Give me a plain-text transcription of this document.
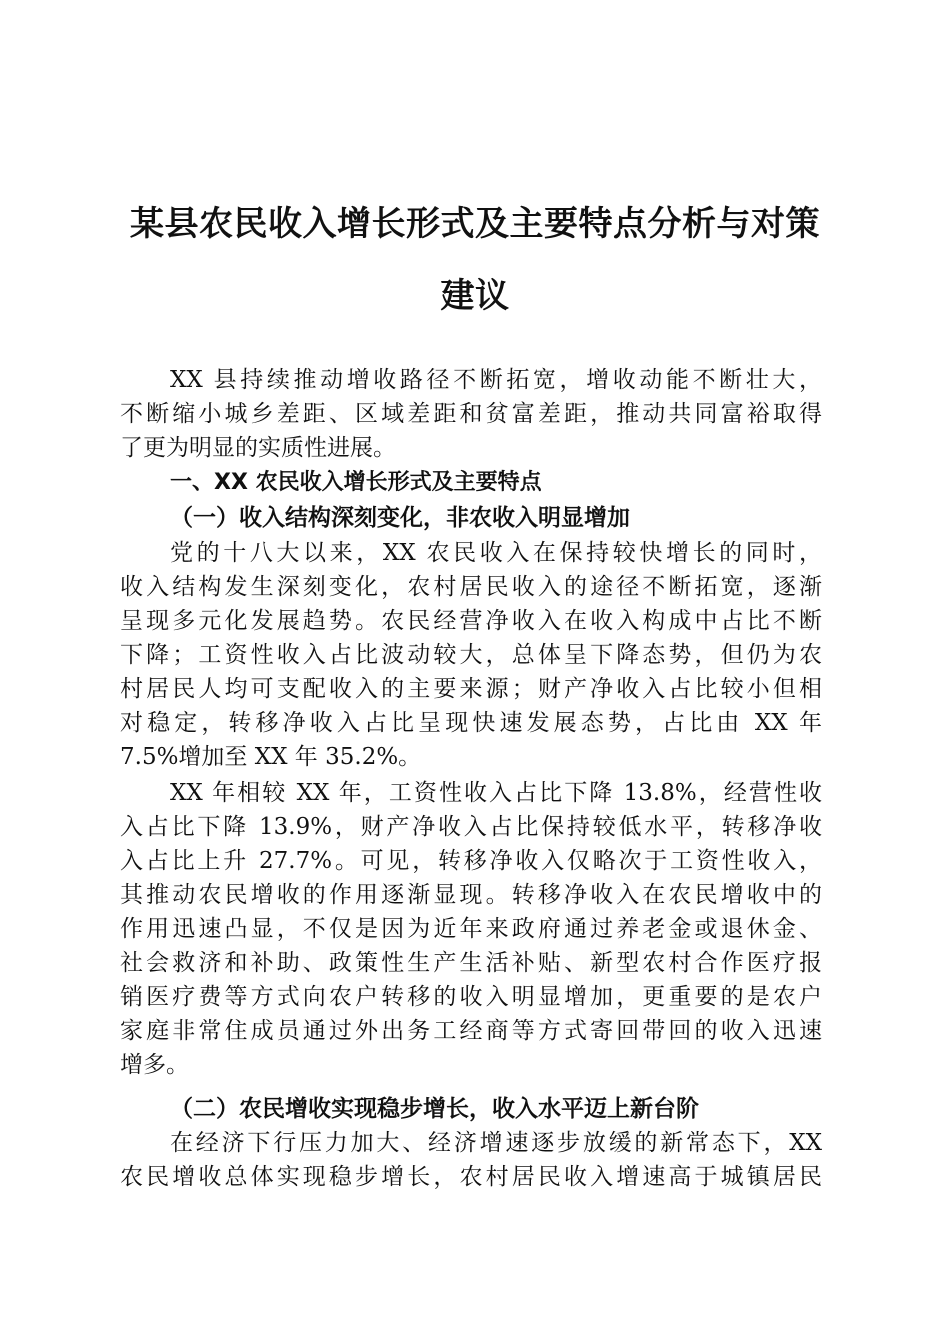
某县农民收入增长形式及主要特点分析与对策
建议
XX 县持续推动增收路径不断拓宽，增收动能不断壮大，
不断缩小城乡差距、区域差距和贫富差距，推动共同富裕取得
了更为明显的实质性进展。
一、XX 农民收入增长形式及主要特点
（一）收入结构深刻变化，非农收入明显增加
党的十八大以来，XX 农民收入在保持较快增长的同时，
收入结构发生深刻变化，农村居民收入的途径不断拓宽，逐渐
呈现多元化发展趋势。农民经营净收入在收入构成中占比不断
下降；工资性收入占比波动较大，总体呈下降态势，但仍为农
村居民人均可支配收入的主要来源；财产净收入占比较小但相
对稳定，转移净收入占比呈现快速发展态势，占比由 XX 年
7.5%增加至 XX 年 35.2%。
XX 年相较 XX 年，工资性收入占比下降 13.8%，经营性收
入占比下降 13.9%，财产净收入占比保持较低水平，转移净收
入占比上升 27.7%。可见，转移净收入仅略次于工资性收入，
其推动农民增收的作用逐渐显现。转移净收入在农民增收中的
作用迅速凸显，不仅是因为近年来政府通过养老金或退休金、
社会救济和补助、政策性生产生活补贴、新型农村合作医疗报
销医疗费等方式向农户转移的收入明显增加，更重要的是农户
家庭非常住成员通过外出务工经商等方式寄回带回的收入迅速
增多。
（二）农民增收实现稳步增长，收入水平迈上新台阶
在经济下行压力加大、经济增速逐步放缓的新常态下，XX
农民增收总体实现稳步增长，农村居民收入增速高于城镇居民
